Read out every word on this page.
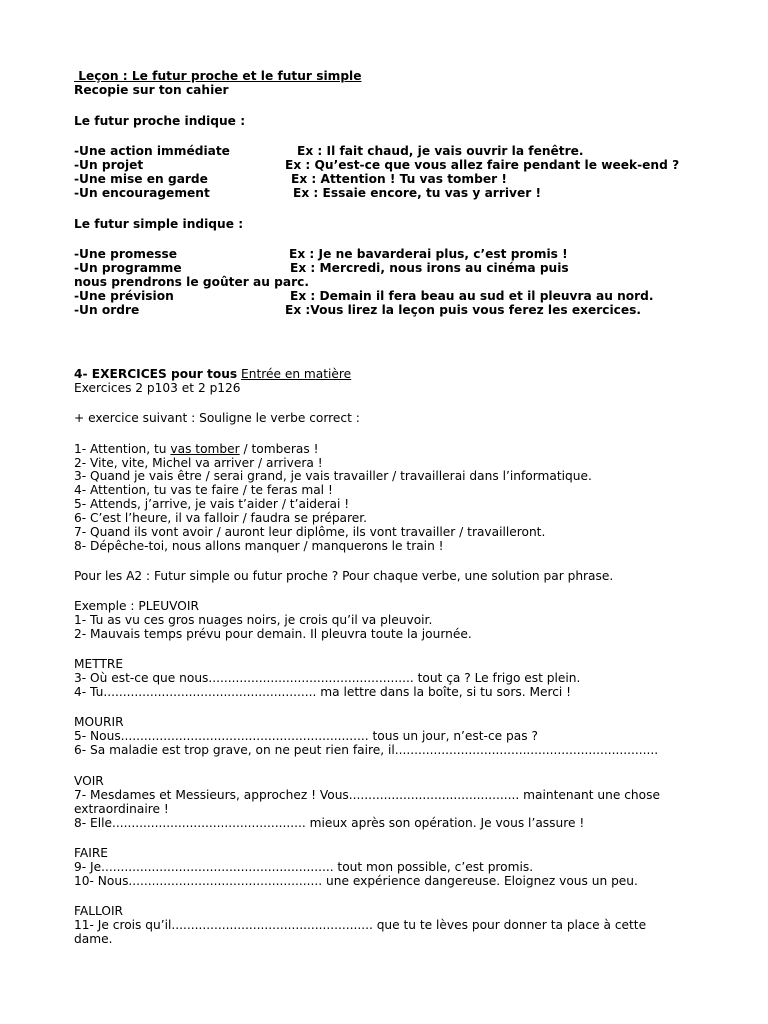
Leçon : Le futur proche et le futur simple
Recopie sur ton cahier
Le futur proche indique :
-Une action immédiate	Ex : Il fait chaud, je vais ouvrir la fenêtre.
-Un projet	Ex : Qu’est-ce que vous allez faire pendant le week-end ?
-Une mise en garde	Ex : Attention ! Tu vas tomber !
-Un encouragement	Ex : Essaie encore, tu vas y arriver !
Le futur simple indique :
-Une promesse	Ex : Je ne bavarderai plus, c’est promis !
-Un programme	Ex : Mercredi, nous irons au cinéma puis
nous prendrons le goûter au parc.
-Une prévision	Ex : Demain il fera beau au sud et il pleuvra au nord.
-Un ordre	Ex :Vous lirez la leçon puis vous ferez les exercices.
4- EXERCICES pour tous Entrée en matière
Exercices 2 p103 et 2 p126
+ exercice suivant : Souligne le verbe correct :
1- Attention, tu vas tomber / tomberas !
2- Vite, vite, Michel va arriver / arrivera !
3- Quand je vais être / serai grand, je vais travailler / travaillerai dans l’informatique.
4- Attention, tu vas te faire / te feras mal !
5- Attends, j’arrive, je vais t’aider / t’aiderai !
6- C’est l’heure, il va falloir / faudra se préparer.
7- Quand ils vont avoir / auront leur diplôme, ils vont travailler / travailleront.
8- Dépêche-toi, nous allons manquer / manquerons le train !
Pour les A2 : Futur simple ou futur proche ? Pour chaque verbe, une solution par phrase.
Exemple : PLEUVOIR
1- Tu as vu ces gros nuages noirs, je crois qu’il va pleuvoir.
2- Mauvais temps prévu pour demain. Il pleuvra toute la journée.
METTRE
3- Où est-ce que nous..................................................... tout ça ? Le frigo est plein.
4- Tu....................................................... ma lettre dans la boîte, si tu sors. Merci !
MOURIR
5- Nous................................................................ tous un jour, n’est-ce pas ?
6- Sa maladie est trop grave, on ne peut rien faire, il....................................................................
VOIR
7- Mesdames et Messieurs, approchez ! Vous............................................ maintenant une chose
extraordinaire !
8- Elle.................................................. mieux après son opération. Je vous l’assure !
FAIRE
9- Je............................................................ tout mon possible, c’est promis.
10- Nous.................................................. une expérience dangereuse. Eloignez vous un peu.
FALLOIR
11- Je crois qu’il.................................................... que tu te lèves pour donner ta place à cette
dame.
